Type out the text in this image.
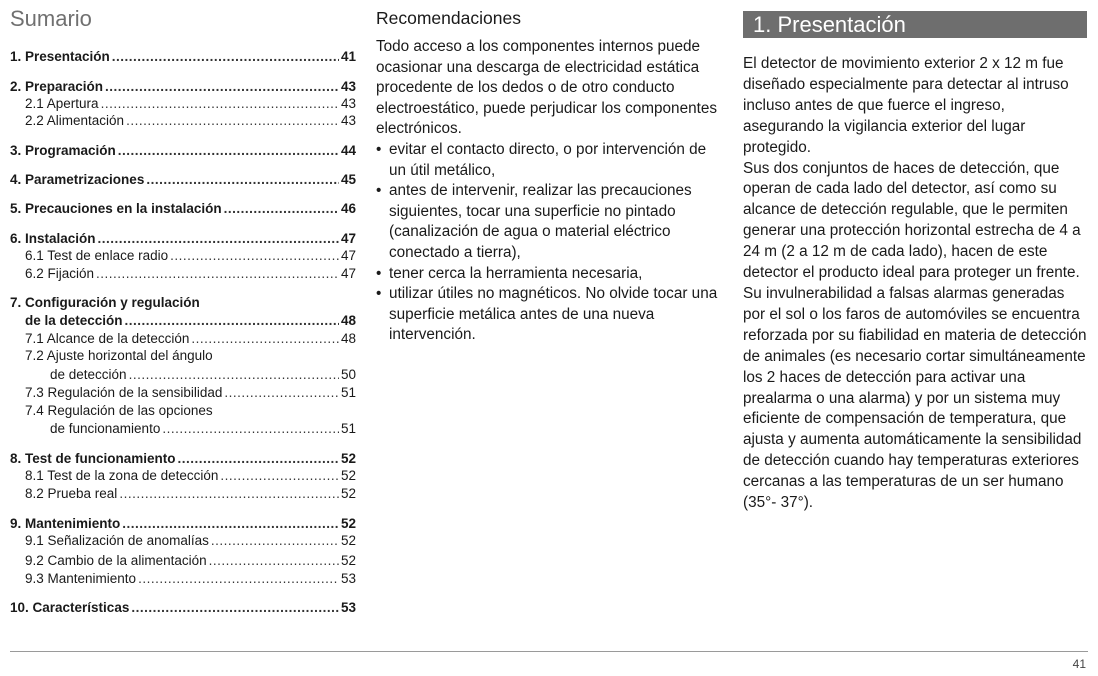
Sumario
1. Presentación .....	41
2. Preparación .....	43
2.1 Apertura .....	43
2.2 Alimentación .....	43
3. Programación .....	44
4. Parametrizaciones .....	45
5. Precauciones en la instalación .....	46
6. Instalación .....	47
6.1 Test de enlace radio .....	47
6.2 Fijación .....	47
7. Configuración y regulación
de la detección .....	48
7.1 Alcance de la detección .....	48
7.2 Ajuste horizontal del ángulo
de detección .....	50
7.3 Regulación de la sensibilidad .....	51
7.4 Regulación de las opciones
de funcionamiento .....	51
8. Test de funcionamiento .....	52
8.1 Test de la zona de detección .....	52
8.2 Prueba real .....	52
9. Mantenimiento .....	52
9.1 Señalización de anomalías .....	52
9.2 Cambio de la alimentación .....	52
9.3 Mantenimiento .....	53
10. Características .....	53
Recomendaciones

Todo acceso a los componentes internos puede ocasionar una descarga de electricidad estática procedente de los dedos o de otro conducto electroestático, puede perjudicar los componentes electrónicos.

• evitar el contacto directo, o por intervención de un útil metálico,
• antes de intervenir, realizar las precauciones siguientes, tocar una superficie no pintado (canalización de agua o material eléctrico conectado a tierra),
• tener cerca la herramienta necesaria,
• utilizar útiles no magnéticos. No olvide tocar una superficie metálica antes de una nueva intervención.
1. Presentación

El detector de movimiento exterior 2 x 12 m fue diseñado especialmente para detectar al intruso incluso antes de que fuerce el ingreso, asegurando la vigilancia exterior del lugar protegido.

Sus dos conjuntos de haces de detección, que operan de cada lado del detector, así como su alcance de detección regulable, que le permiten generar una protección horizontal estrecha de 4 a 24 m (2 a 12 m de cada lado), hacen de este detector el producto ideal para proteger un frente.

Su invulnerabilidad a falsas alarmas generadas por el sol o los faros de automóviles se encuentra reforzada por su fiabilidad en materia de detección de animales (es necesario cortar simultáneamente los 2 haces de detección para activar una prealarma o una alarma) y por un sistema muy eficiente de compensación de temperatura, que ajusta y aumenta automáticamente la sensibilidad de detección cuando hay temperaturas exteriores cercanas a las temperaturas de un ser humano (35°- 37°).

41
